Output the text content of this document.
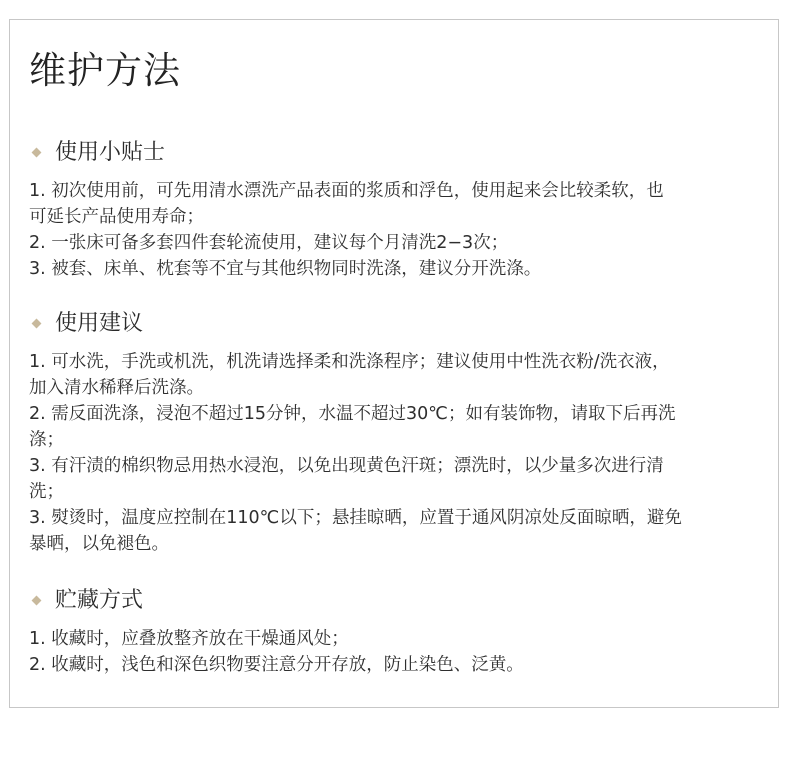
维护方法
使用小贴士
1. 初次使用前，可先用清水漂洗产品表面的浆质和浮色，使用起来会比较柔软，也
可延长产品使用寿命；
2. 一张床可备多套四件套轮流使用，建议每个月清洗2−3次；
3. 被套、床单、枕套等不宜与其他织物同时洗涤，建议分开洗涤。
使用建议
1. 可水洗，手洗或机洗，机洗请选择柔和洗涤程序；建议使用中性洗衣粉/洗衣液，
加入清水稀释后洗涤。
2. 需反面洗涤，浸泡不超过15分钟，水温不超过30℃；如有装饰物，请取下后再洗
涤；
3. 有汗渍的棉织物忌用热水浸泡，以免出现黄色汗斑；漂洗时，以少量多次进行清
洗；
3. 熨烫时，温度应控制在110℃以下；悬挂晾晒，应置于通风阴凉处反面晾晒，避免
暴晒，以免褪色。
贮藏方式
1. 收藏时，应叠放整齐放在干燥通风处；
2. 收藏时，浅色和深色织物要注意分开存放，防止染色、泛黄。
